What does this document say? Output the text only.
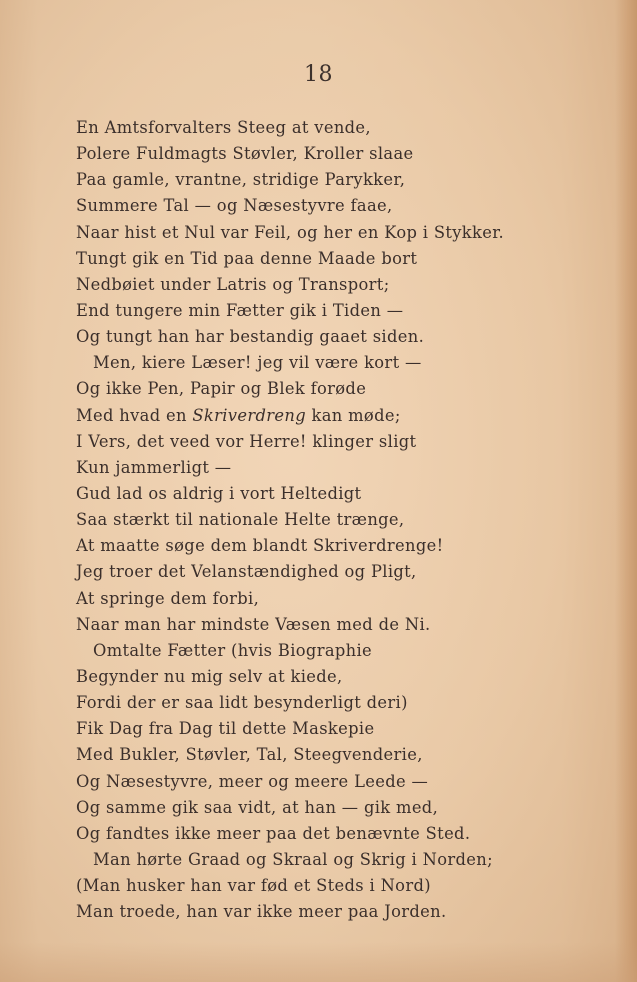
18
En Amtsforvalters Steeg at vende,
Polere Fuldmagts Støvler, Kroller slaae
Paa gamle, vrantne, stridige Parykker,
Summere Tal — og Næsestyvre faae,
Naar hist et Nul var Feil, og her en Kop i Stykker.
Tungt gik en Tid paa denne Maade bort
Nedbøiet under Latris og Transport;
End tungere min Fætter gik i Tiden —
Og tungt han har bestandig gaaet siden.
Men, kiere Læser! jeg vil være kort —
Og ikke Pen, Papir og Blek forøde
Med hvad en Skriverdreng kan møde;
I Vers, det veed vor Herre! klinger sligt
Kun jammerligt —
Gud lad os aldrig i vort Heltedigt
Saa stærkt til nationale Helte trænge,
At maatte søge dem blandt Skriverdrenge!
Jeg troer det Velanstændighed og Pligt,
At springe dem forbi,
Naar man har mindste Væsen med de Ni.
Omtalte Fætter (hvis Biographie
Begynder nu mig selv at kiede,
Fordi der er saa lidt besynderligt deri)
Fik Dag fra Dag til dette Maskepie
Med Bukler, Støvler, Tal, Steegvenderie,
Og Næsestyvre, meer og meere Leede —
Og samme gik saa vidt, at han — gik med,
Og fandtes ikke meer paa det benævnte Sted.
Man hørte Graad og Skraal og Skrig i Norden;
(Man husker han var fød et Steds i Nord)
Man troede, han var ikke meer paa Jorden.
